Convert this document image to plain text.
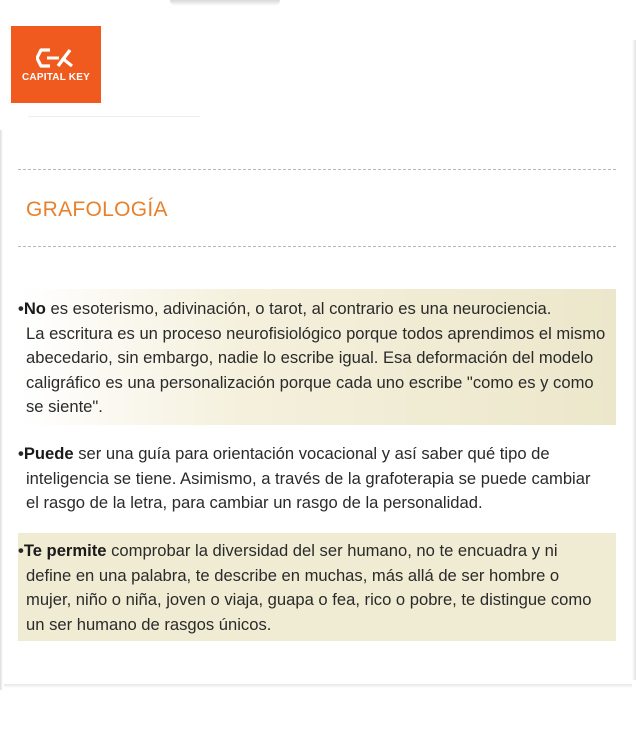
CAPITAL KEY
GRAFOLOGÍA
•No es esoterismo, adivinación, o tarot, al contrario es una neurociencia.
La escritura es un proceso neurofisiológico porque todos aprendimos el mismo abecedario, sin embargo, nadie lo escribe igual. Esa deformación del modelo caligráfico es una personalización porque cada uno escribe "como es y como se siente".
•Puede ser una guía para orientación vocacional y así saber qué tipo de
inteligencia se tiene. Asimismo, a través de la grafoterapia se puede cambiar el rasgo de la letra, para cambiar un rasgo de la personalidad.
•Te permite comprobar la diversidad del ser humano, no te encuadra y ni
define en una palabra, te describe en muchas, más allá de ser hombre o mujer, niño o niña, joven o viaja, guapa o fea, rico o pobre, te distingue como un ser humano de rasgos únicos.
